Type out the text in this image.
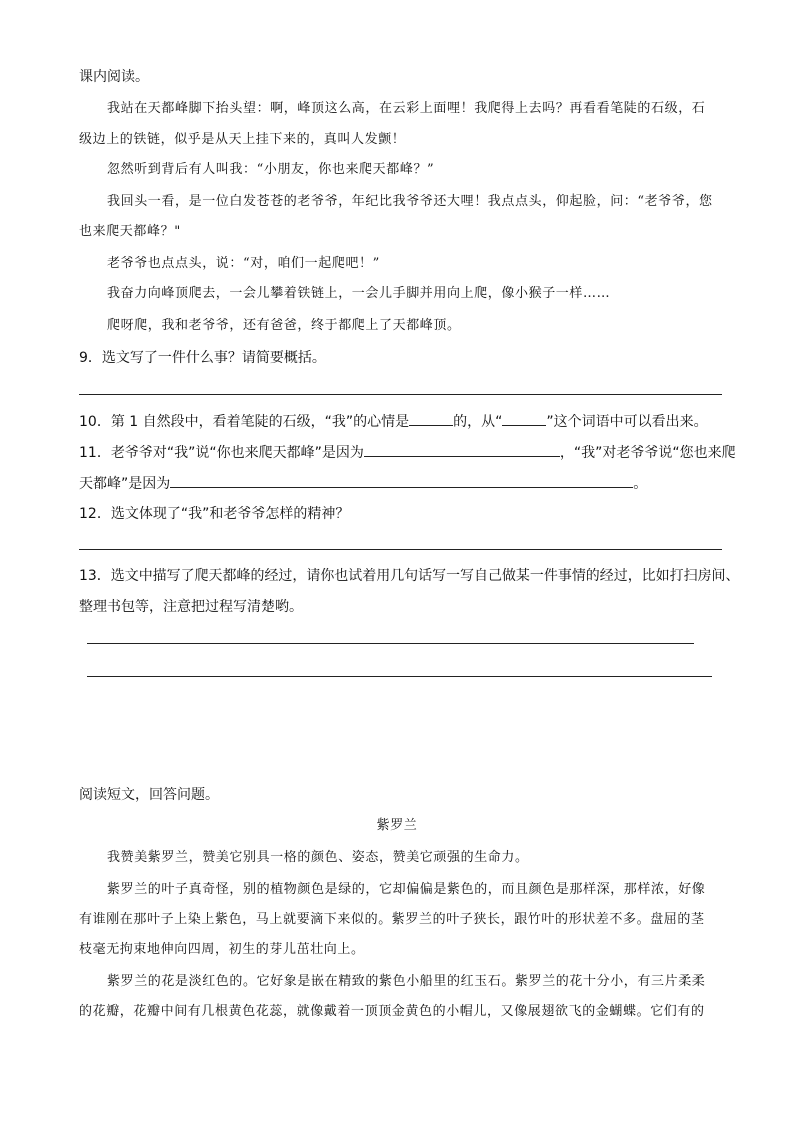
课内阅读。
我站在天都峰脚下抬头望：啊，峰顶这么高，在云彩上面哩！我爬得上去吗？再看看笔陡的石级，石
级边上的铁链，似乎是从天上挂下来的，真叫人发颤！
忽然听到背后有人叫我：“小朋友，你也来爬天都峰？”
我回头一看，是一位白发苍苍的老爷爷，年纪比我爷爷还大哩！我点点头，仰起脸，问：“老爷爷，您
也来爬天都峰？"
老爷爷也点点头，说：“对，咱们一起爬吧！”
我奋力向峰顶爬去，一会儿攀着铁链上，一会儿手脚并用向上爬，像小猴子一样……
爬呀爬，我和老爷爷，还有爸爸，终于都爬上了天都峰顶。
9．选文写了一件什么事？请简要概括。
10．第 1 自然段中，看着笔陡的石级，“我”的心情是	的，从“	”这个词语中可以看出来。
11．老爷爷对“我”说“你也来爬天都峰”是因为	，“我”对老爷爷说“您也来爬
天都峰”是因为	。
12．选文体现了“我”和老爷爷怎样的精神？
13．选文中描写了爬天都峰的经过，请你也试着用几句话写一写自己做某一件事情的经过，比如打扫房间、
整理书包等，注意把过程写清楚哟。
阅读短文，回答问题。
紫罗兰
我赞美紫罗兰，赞美它别具一格的颜色、姿态，赞美它顽强的生命力。
紫罗兰的叶子真奇怪，别的植物颜色是绿的，它却偏偏是紫色的，而且颜色是那样深，那样浓，好像
有谁刚在那叶子上染上紫色，马上就要滴下来似的。紫罗兰的叶子狭长，跟竹叶的形状差不多。盘屈的茎
枝毫无拘束地伸向四周，初生的芽儿茁壮向上。
紫罗兰的花是淡红色的。它好象是嵌在精致的紫色小船里的红玉石。紫罗兰的花十分小，有三片柔柔
的花瓣，花瓣中间有几根黄色花蕊，就像戴着一顶顶金黄色的小帽儿，又像展翅欲飞的金蝴蝶。它们有的
